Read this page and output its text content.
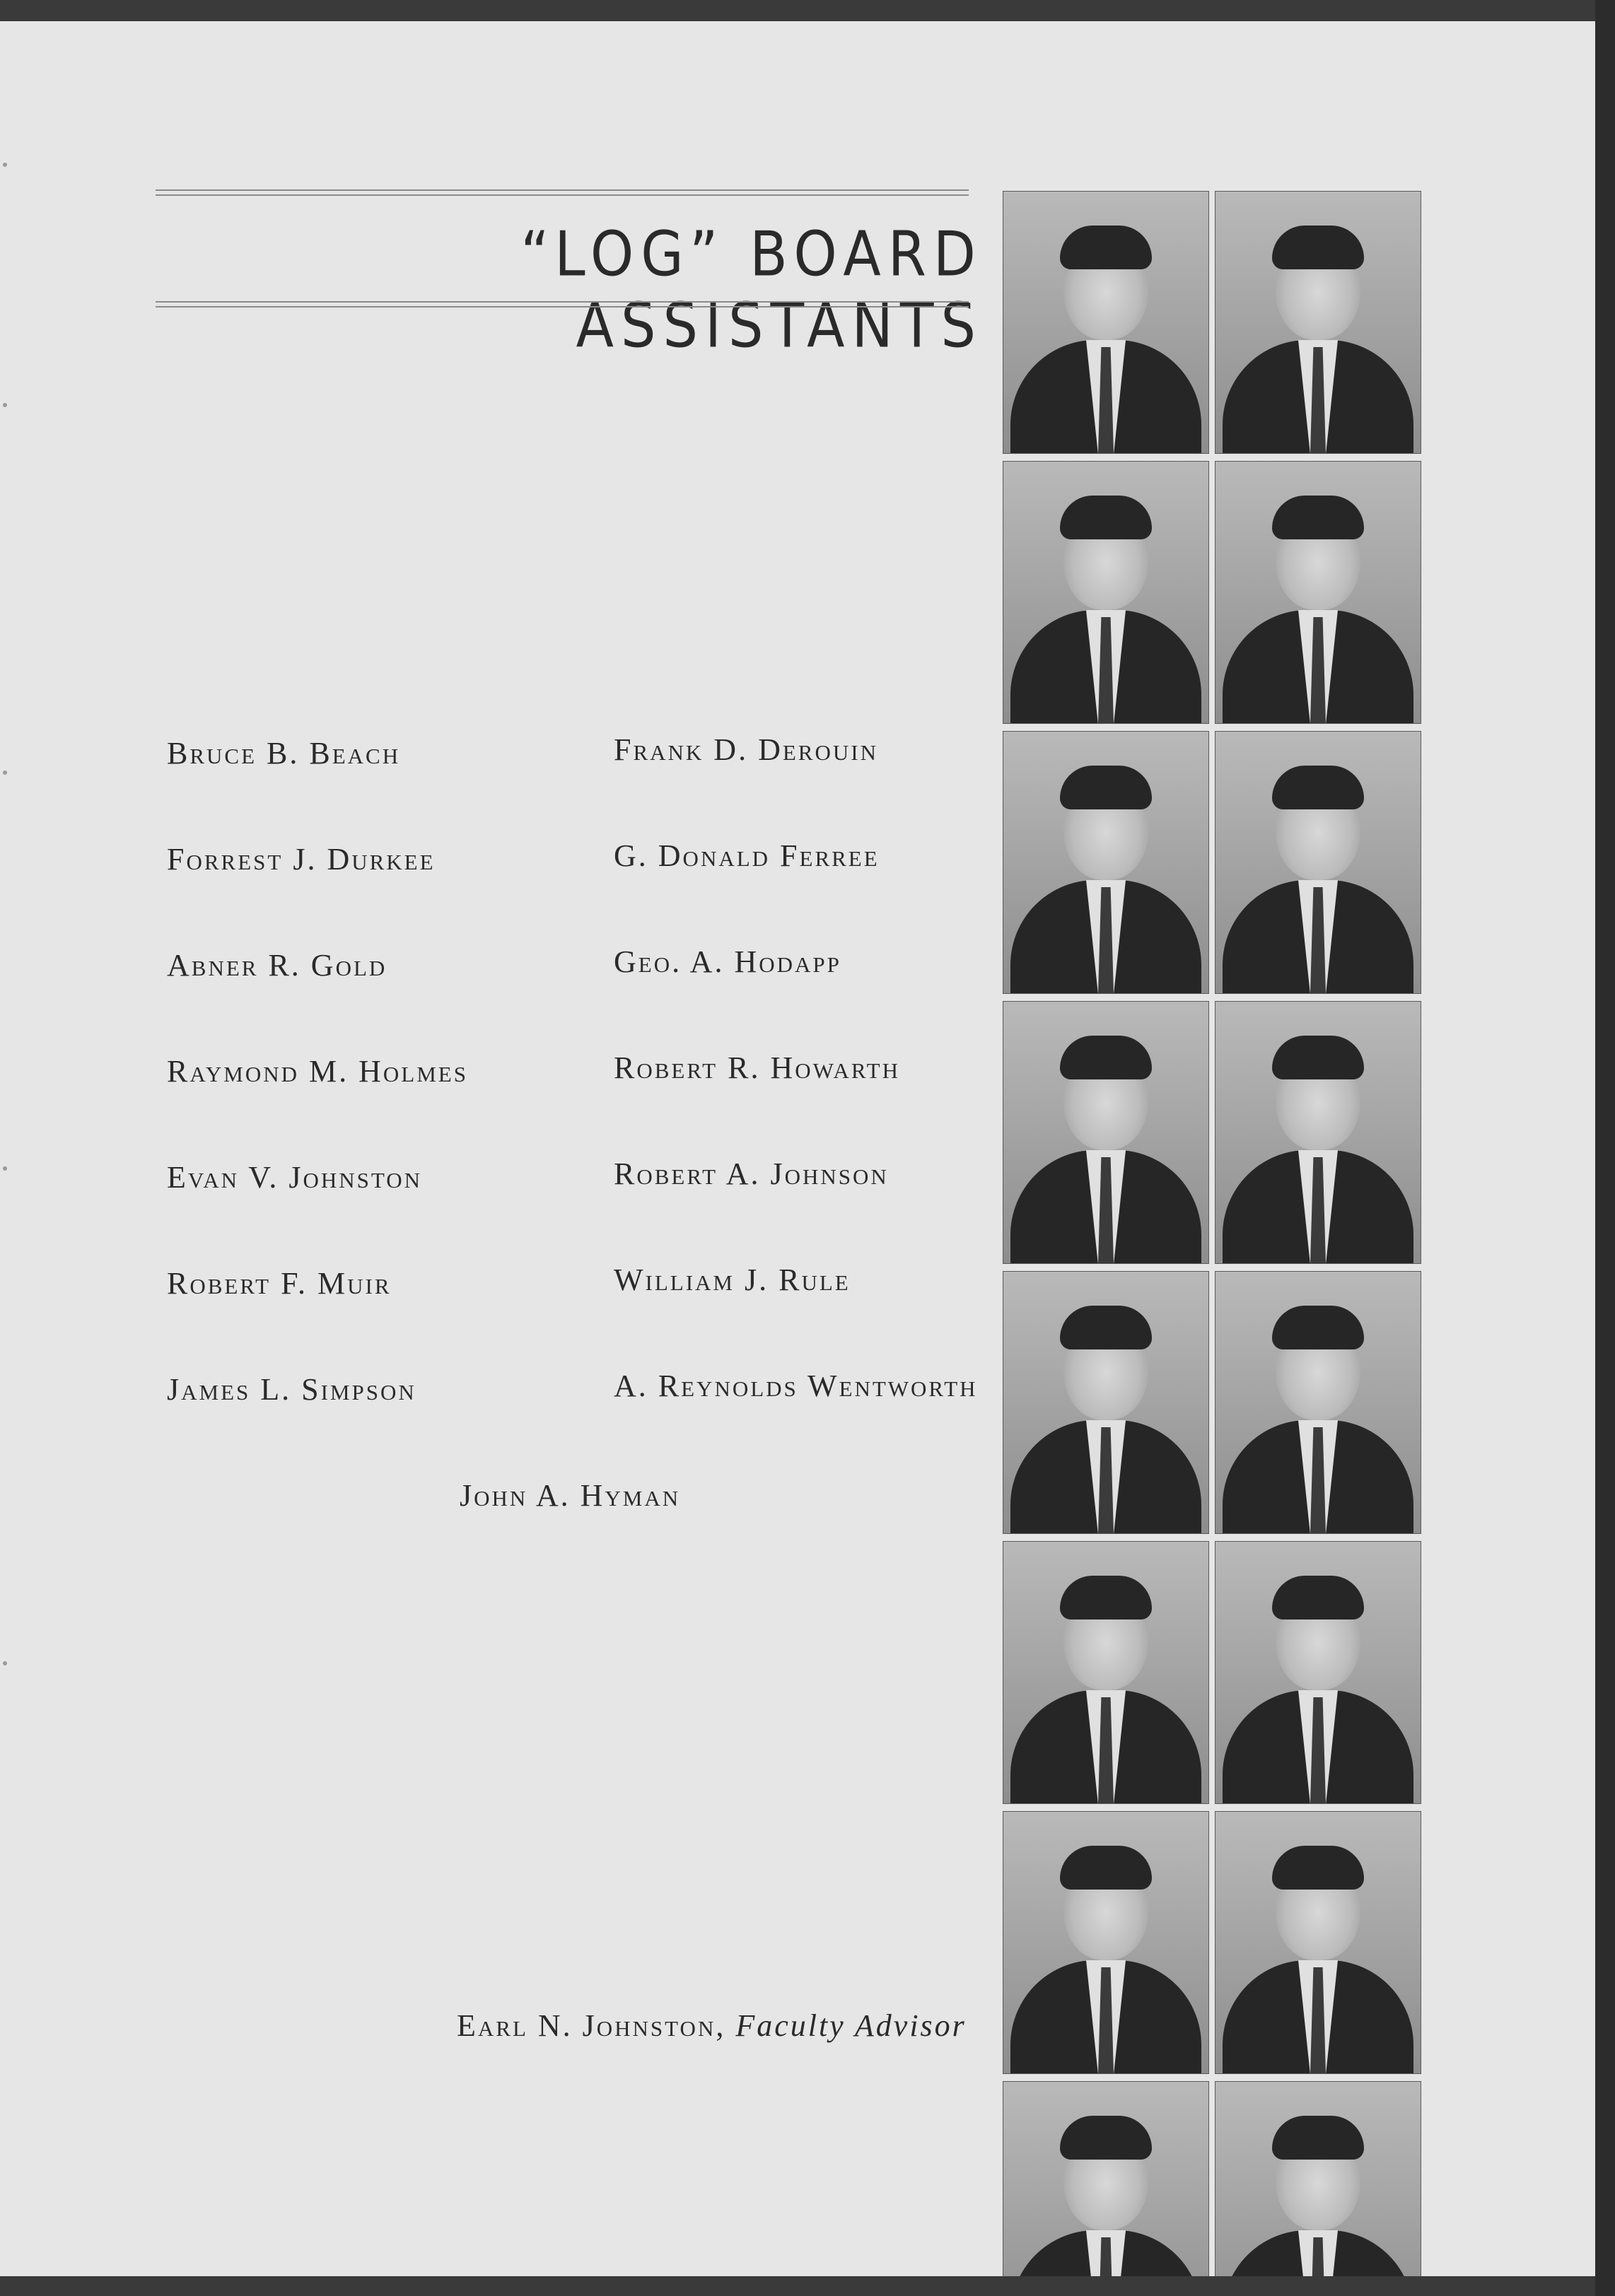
“LOG” BOARD ASSISTANTS
Bruce B. Beach
Forrest J. Durkee
Abner R. Gold
Raymond M. Holmes
Evan V. Johnston
Robert F. Muir
James L. Simpson
Frank D. Derouin
G. Donald Ferree
Geo. A. Hodapp
Robert R. Howarth
Robert A. Johnson
William J. Rule
A. Reynolds Wentworth
John A. Hyman
Earl N. Johnston, Faculty Advisor
